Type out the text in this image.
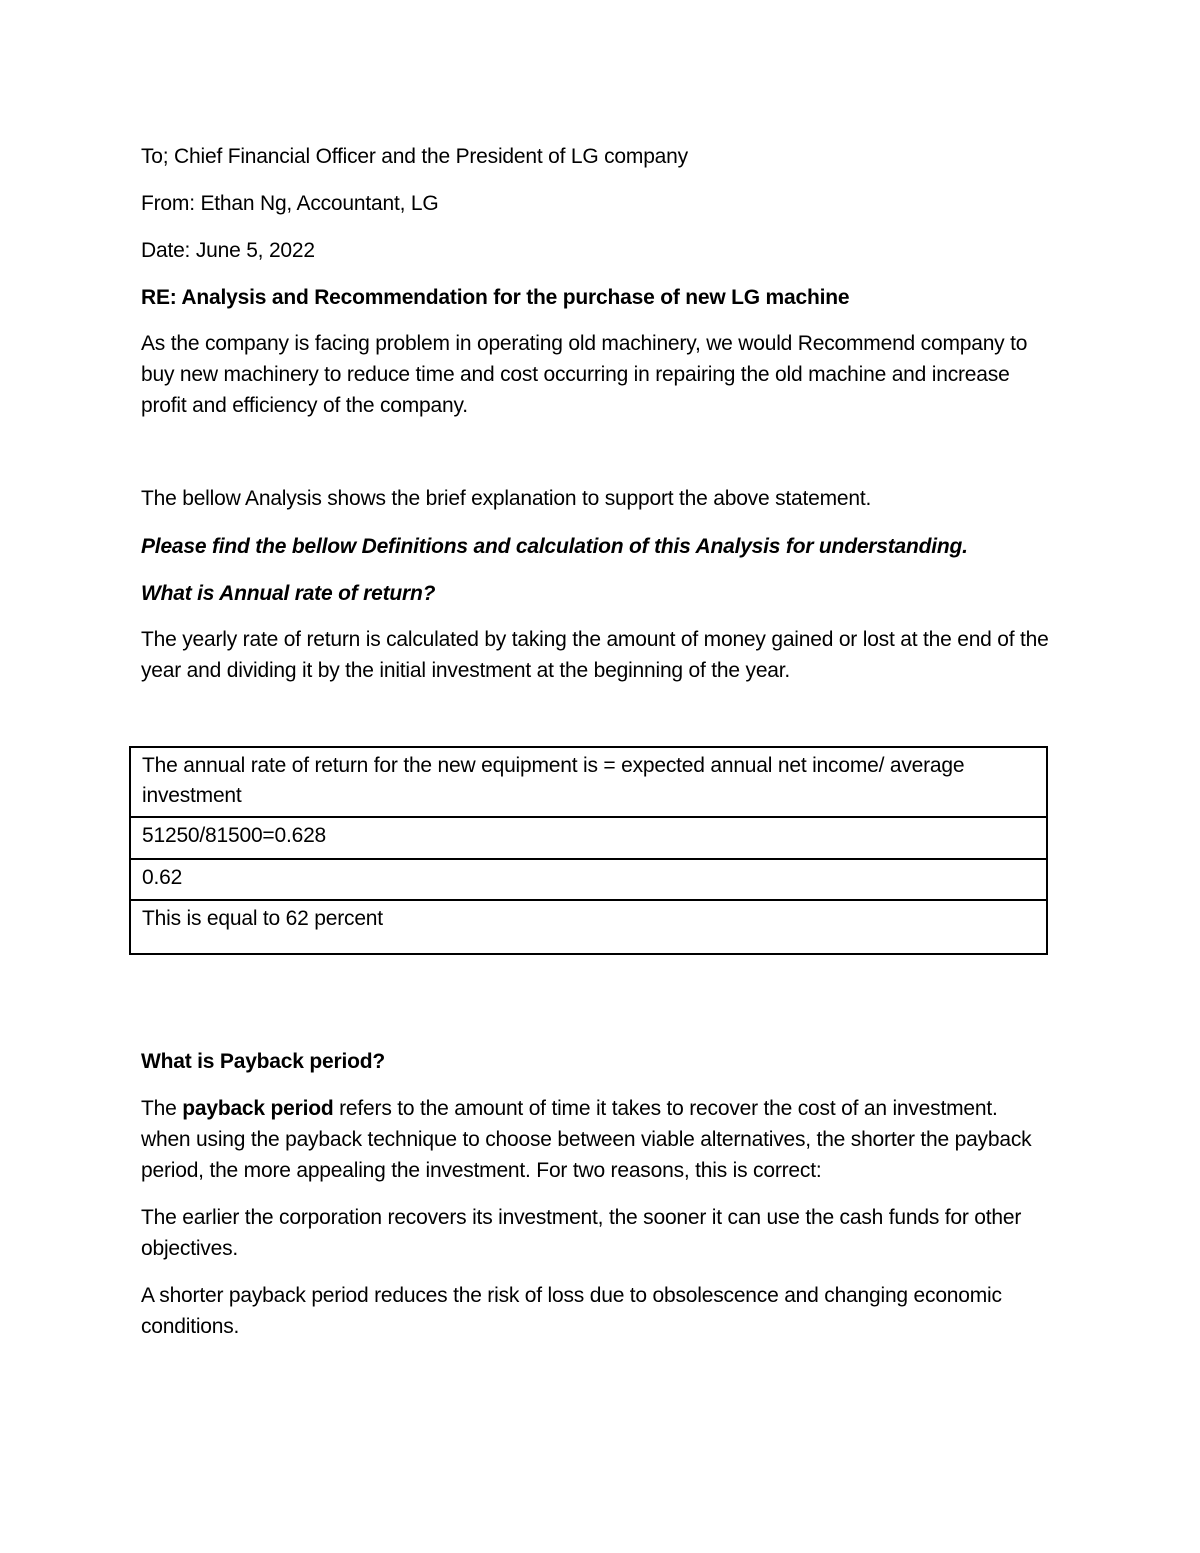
To; Chief Financial Officer and the President of LG company

From: Ethan Ng, Accountant, LG

Date: June 5, 2022

RE: Analysis and Recommendation for the purchase of new LG machine

As the company is facing problem in operating old machinery, we would Recommend company to buy new machinery to reduce time and cost occurring in repairing the old machine and increase profit and efficiency of the company.

The bellow Analysis shows the brief explanation to support the above statement.

Please find the bellow Definitions and calculation of this Analysis for understanding.

What is Annual rate of return?

The yearly rate of return is calculated by taking the amount of money gained or lost at the end of the year and dividing it by the initial investment at the beginning of the year.

The annual rate of return for the new equipment is = expected annual net income/ average investment
51250/81500=0.628
0.62
This is equal to 62 percent

What is Payback period?

The payback period refers to the amount of time it takes to recover the cost of an investment. when using the payback technique to choose between viable alternatives, the shorter the payback period, the more appealing the investment. For two reasons, this is correct:

The earlier the corporation recovers its investment, the sooner it can use the cash funds for other objectives.

A shorter payback period reduces the risk of loss due to obsolescence and changing economic conditions.
